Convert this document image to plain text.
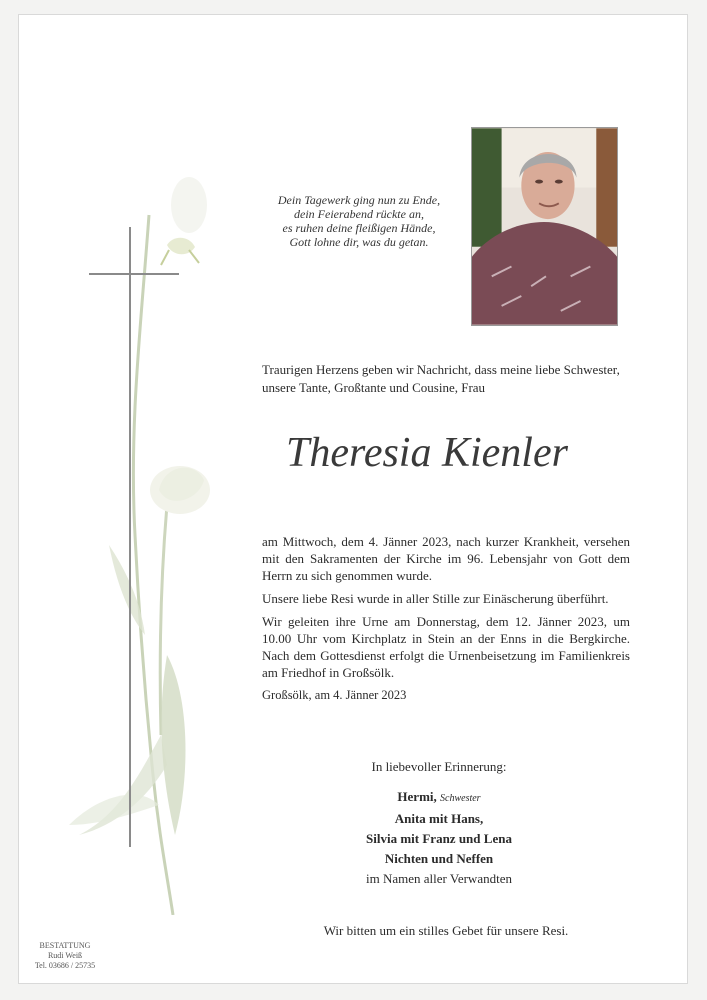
Dein Tagewerk ging nun zu Ende,
dein Feierabend rückte an,
es ruhen deine fleißigen Hände,
Gott lohne dir, was du getan.
Traurigen Herzens geben wir Nachricht, dass meine liebe Schwester,
unsere Tante, Großtante und Cousine, Frau
Theresia Kienler

am Mittwoch, dem 4. Jänner 2023, nach kurzer Krankheit, versehen mit den Sakramenten der Kirche im 96. Lebensjahr von Gott dem Herrn zu sich genommen wurde.

Unsere liebe Resi wurde in aller Stille zur Einäscherung überführt.

Wir geleiten ihre Urne am Donnerstag, dem 12. Jänner 2023, um 10.00 Uhr vom Kirchplatz in Stein an der Enns in die Bergkirche. Nach dem Gottesdienst erfolgt die Urnenbeisetzung im Familienkreis am Friedhof in Großsölk.

Großsölk, am 4. Jänner 2023

In liebevoller Erinnerung:
Hermi, Schwester
Anita mit Hans,
Silvia mit Franz und Lena
Nichten und Neffen
im Namen aller Verwandten
Wir bitten um ein stilles Gebet für unsere Resi.
BESTATTUNG
Rudi Weiß
Tel. 03686 / 25735
